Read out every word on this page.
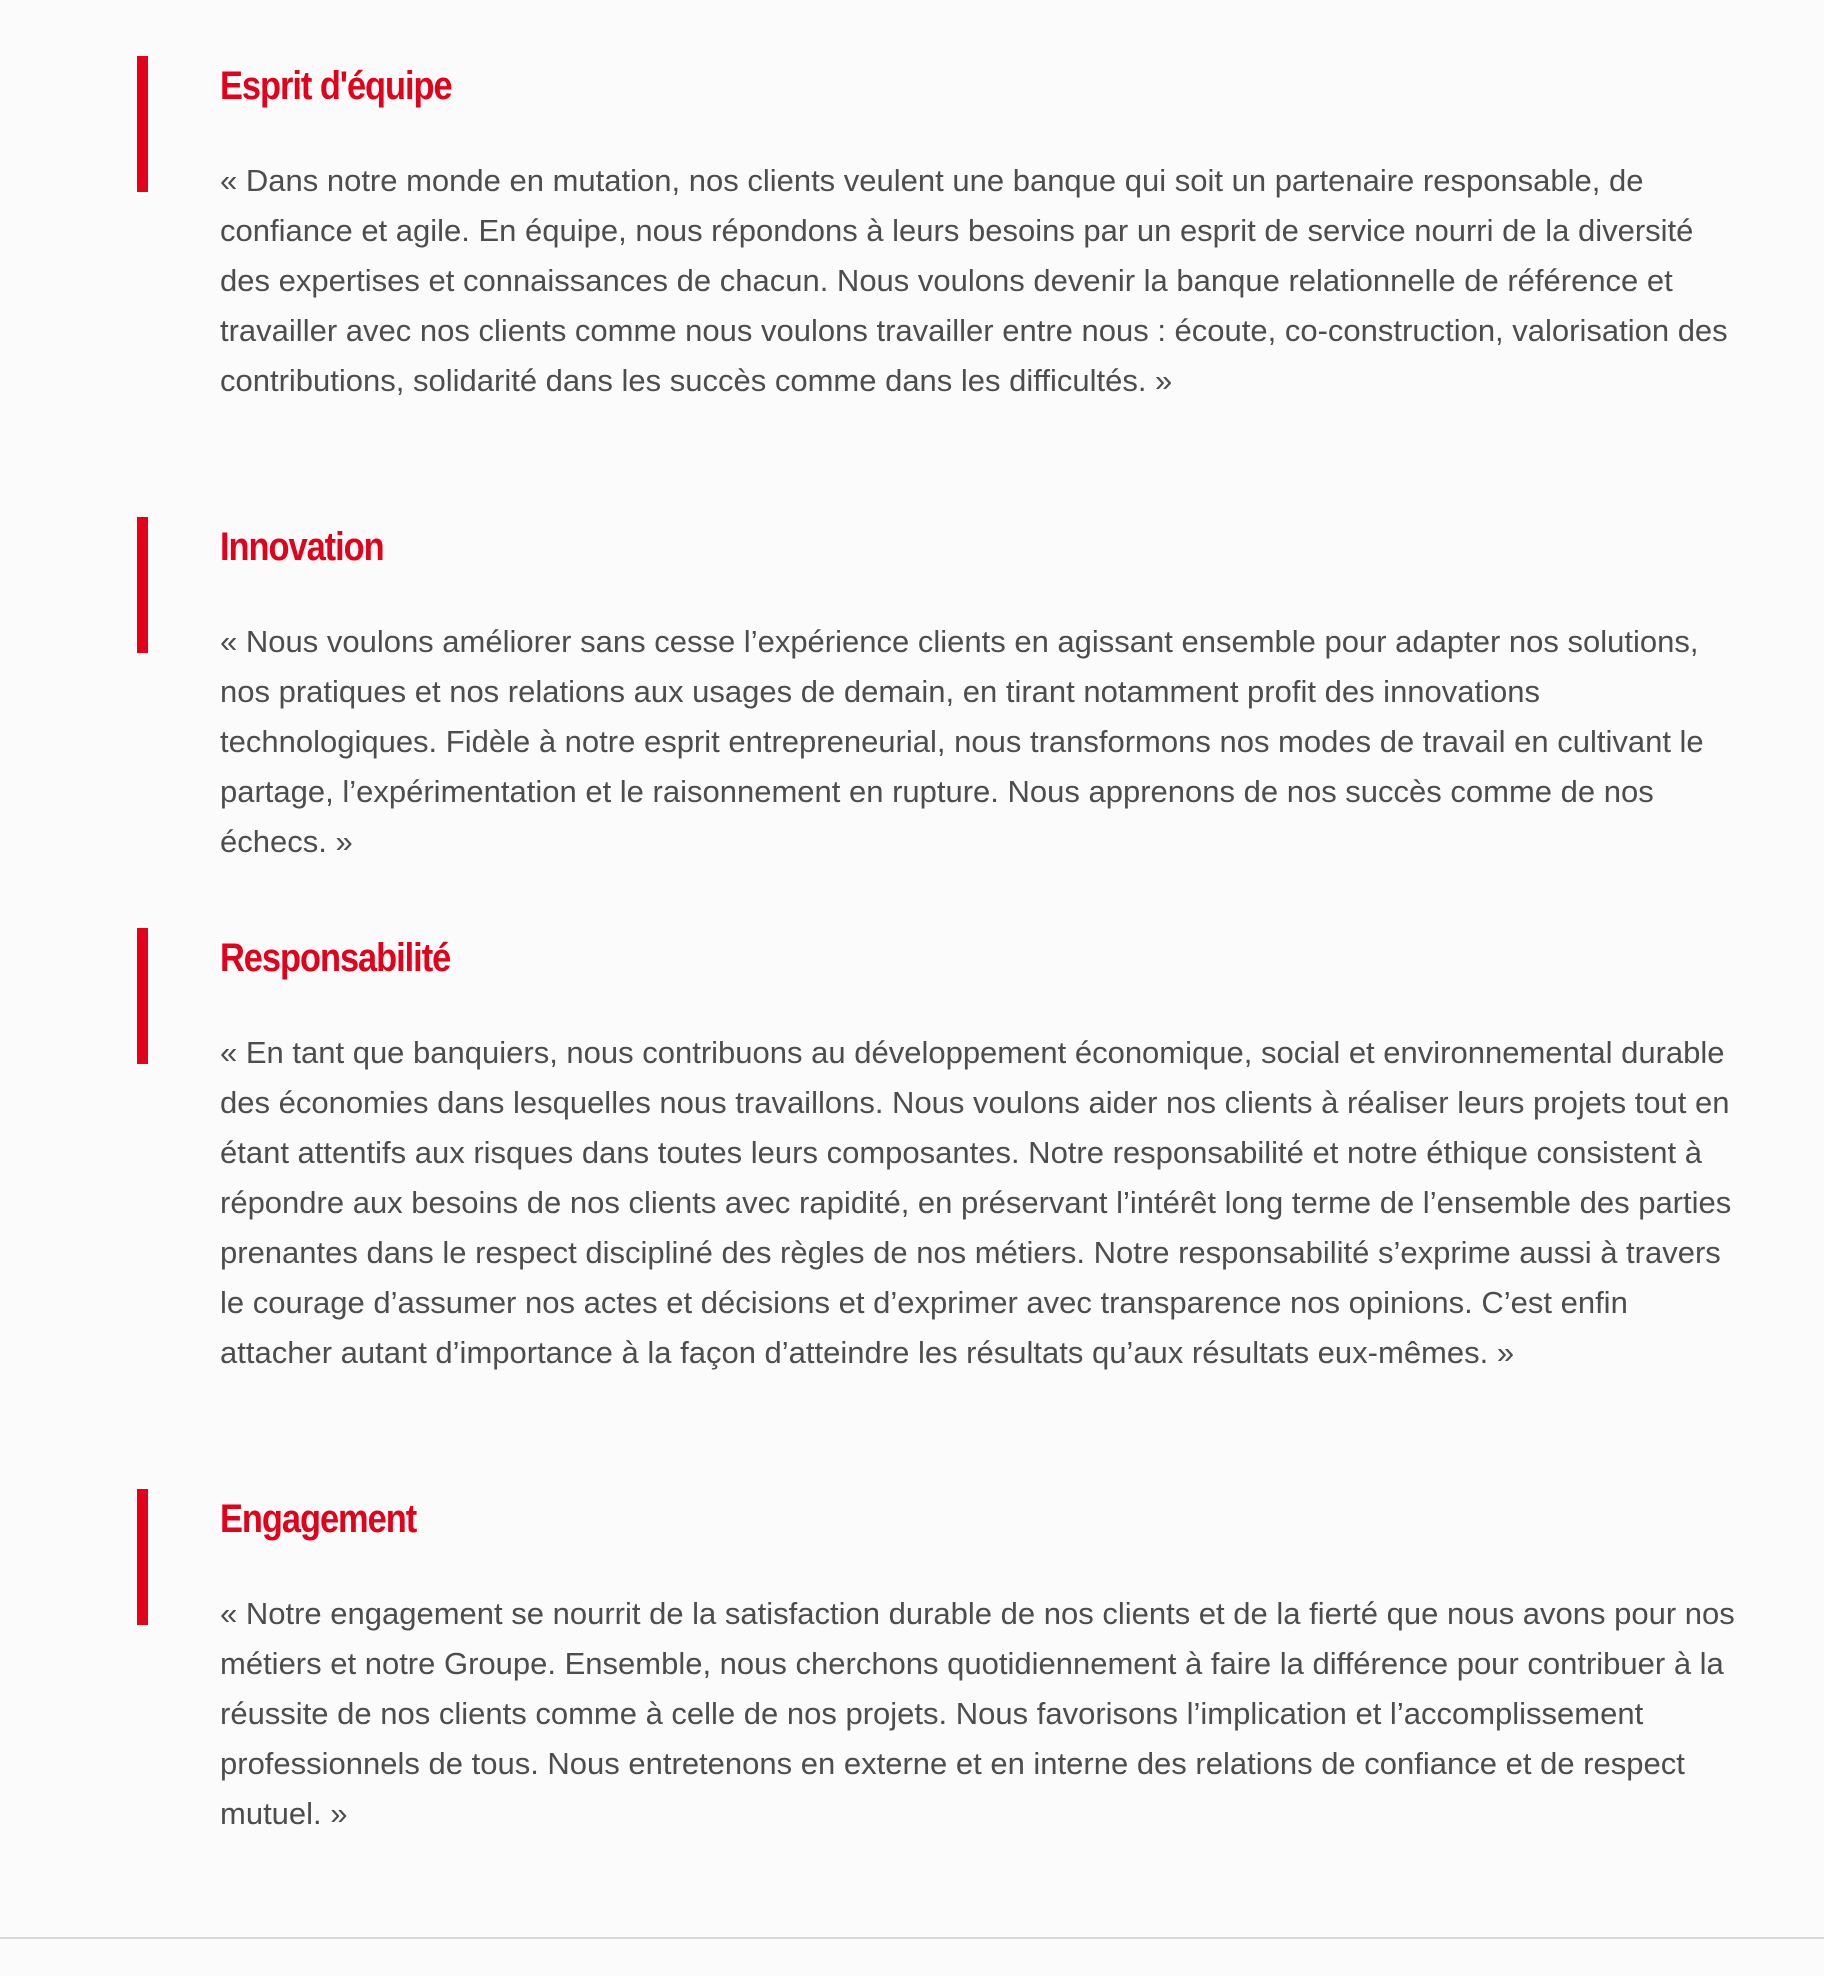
Esprit d'équipe

« Dans notre monde en mutation, nos clients veulent une banque qui soit un partenaire responsable, de confiance et agile. En équipe, nous répondons à leurs besoins par un esprit de service nourri de la diversité des expertises et connaissances de chacun. Nous voulons devenir la banque relationnelle de référence et travailler avec nos clients comme nous voulons travailler entre nous : écoute, co-construction, valorisation des contributions, solidarité dans les succès comme dans les difficultés. »

Innovation

« Nous voulons améliorer sans cesse l’expérience clients en agissant ensemble pour adapter nos solutions, nos pratiques et nos relations aux usages de demain, en tirant notamment profit des innovations technologiques. Fidèle à notre esprit entrepreneurial, nous transformons nos modes de travail en cultivant le partage, l’expérimentation et le raisonnement en rupture. Nous apprenons de nos succès comme de nos échecs. »

Responsabilité

« En tant que banquiers, nous contribuons au développement économique, social et environnemental durable des économies dans lesquelles nous travaillons. Nous voulons aider nos clients à réaliser leurs projets tout en étant attentifs aux risques dans toutes leurs composantes. Notre responsabilité et notre éthique consistent à répondre aux besoins de nos clients avec rapidité, en préservant l’intérêt long terme de l’ensemble des parties prenantes dans le respect discipliné des règles de nos métiers. Notre responsabilité s’exprime aussi à travers le courage d’assumer nos actes et décisions et d’exprimer avec transparence nos opinions. C’est enfin attacher autant d’importance à la façon d’atteindre les résultats qu’aux résultats eux-mêmes. »

Engagement

« Notre engagement se nourrit de la satisfaction durable de nos clients et de la fierté que nous avons pour nos métiers et notre Groupe. Ensemble, nous cherchons quotidiennement à faire la différence pour contribuer à la réussite de nos clients comme à celle de nos projets. Nous favorisons l’implication et l’accomplissement professionnels de tous. Nous entretenons en externe et en interne des relations de confiance et de respect mutuel. »
